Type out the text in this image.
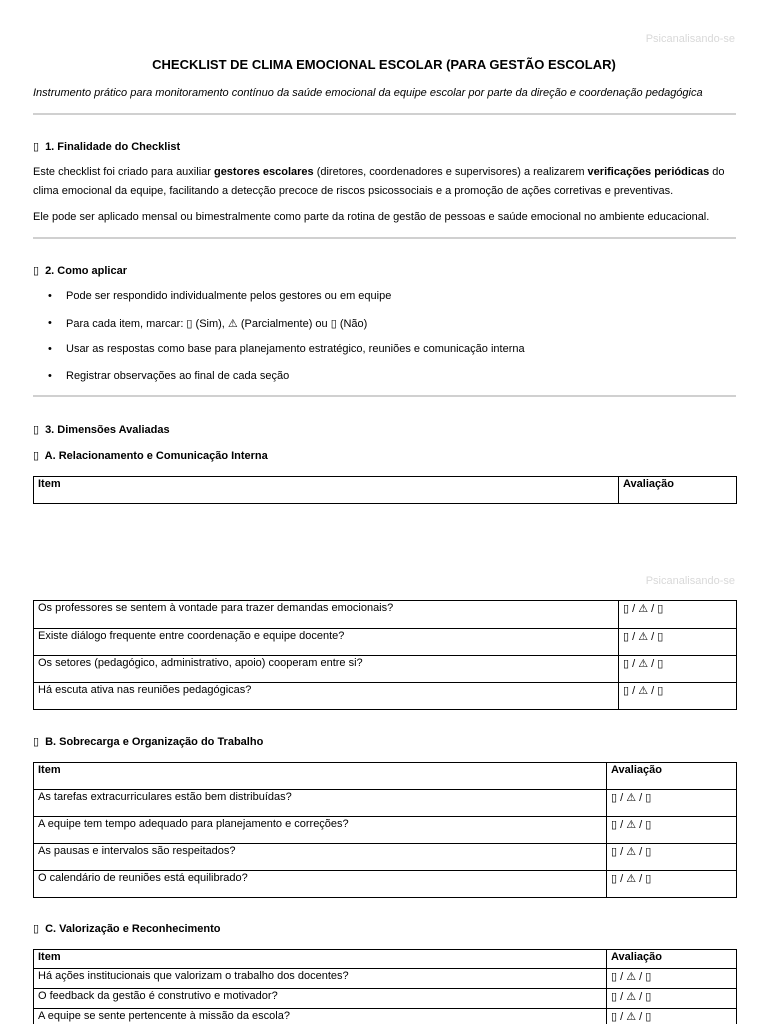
Psicanalisando-se
CHECKLIST DE CLIMA EMOCIONAL ESCOLAR (PARA GESTÃO ESCOLAR)
Instrumento prático para monitoramento contínuo da saúde emocional da equipe escolar por parte da direção e coordenação pedagógica
▯ 1. Finalidade do Checklist
Este checklist foi criado para auxiliar gestores escolares (diretores, coordenadores e supervisores) a realizarem verificações periódicas do clima emocional da equipe, facilitando a detecção precoce de riscos psicossociais e a promoção de ações corretivas e preventivas.
Ele pode ser aplicado mensal ou bimestralmente como parte da rotina de gestão de pessoas e saúde emocional no ambiente educacional.
▯ 2. Como aplicar
• Pode ser respondido individualmente pelos gestores ou em equipe
• Para cada item, marcar: ▯ (Sim), ⚠ (Parcialmente) ou ▯ (Não)
• Usar as respostas como base para planejamento estratégico, reuniões e comunicação interna
• Registrar observações ao final de cada seção
▯ 3. Dimensões Avaliadas
▯ A. Relacionamento e Comunicação Interna
Item	Avaliação
Psicanalisando-se
Os professores se sentem à vontade para trazer demandas emocionais?	▯ / ⚠ / ▯
Existe diálogo frequente entre coordenação e equipe docente?	▯ / ⚠ / ▯
Os setores (pedagógico, administrativo, apoio) cooperam entre si?	▯ / ⚠ / ▯
Há escuta ativa nas reuniões pedagógicas?	▯ / ⚠ / ▯
▯ B. Sobrecarga e Organização do Trabalho
Item	Avaliação
As tarefas extracurriculares estão bem distribuídas?	▯ / ⚠ / ▯
A equipe tem tempo adequado para planejamento e correções?	▯ / ⚠ / ▯
As pausas e intervalos são respeitados?	▯ / ⚠ / ▯
O calendário de reuniões está equilibrado?	▯ / ⚠ / ▯
▯ C. Valorização e Reconhecimento
Item	Avaliação
Há ações institucionais que valorizam o trabalho dos docentes?	▯ / ⚠ / ▯
O feedback da gestão é construtivo e motivador?	▯ / ⚠ / ▯
A equipe se sente pertencente à missão da escola?	▯ / ⚠ / ▯
